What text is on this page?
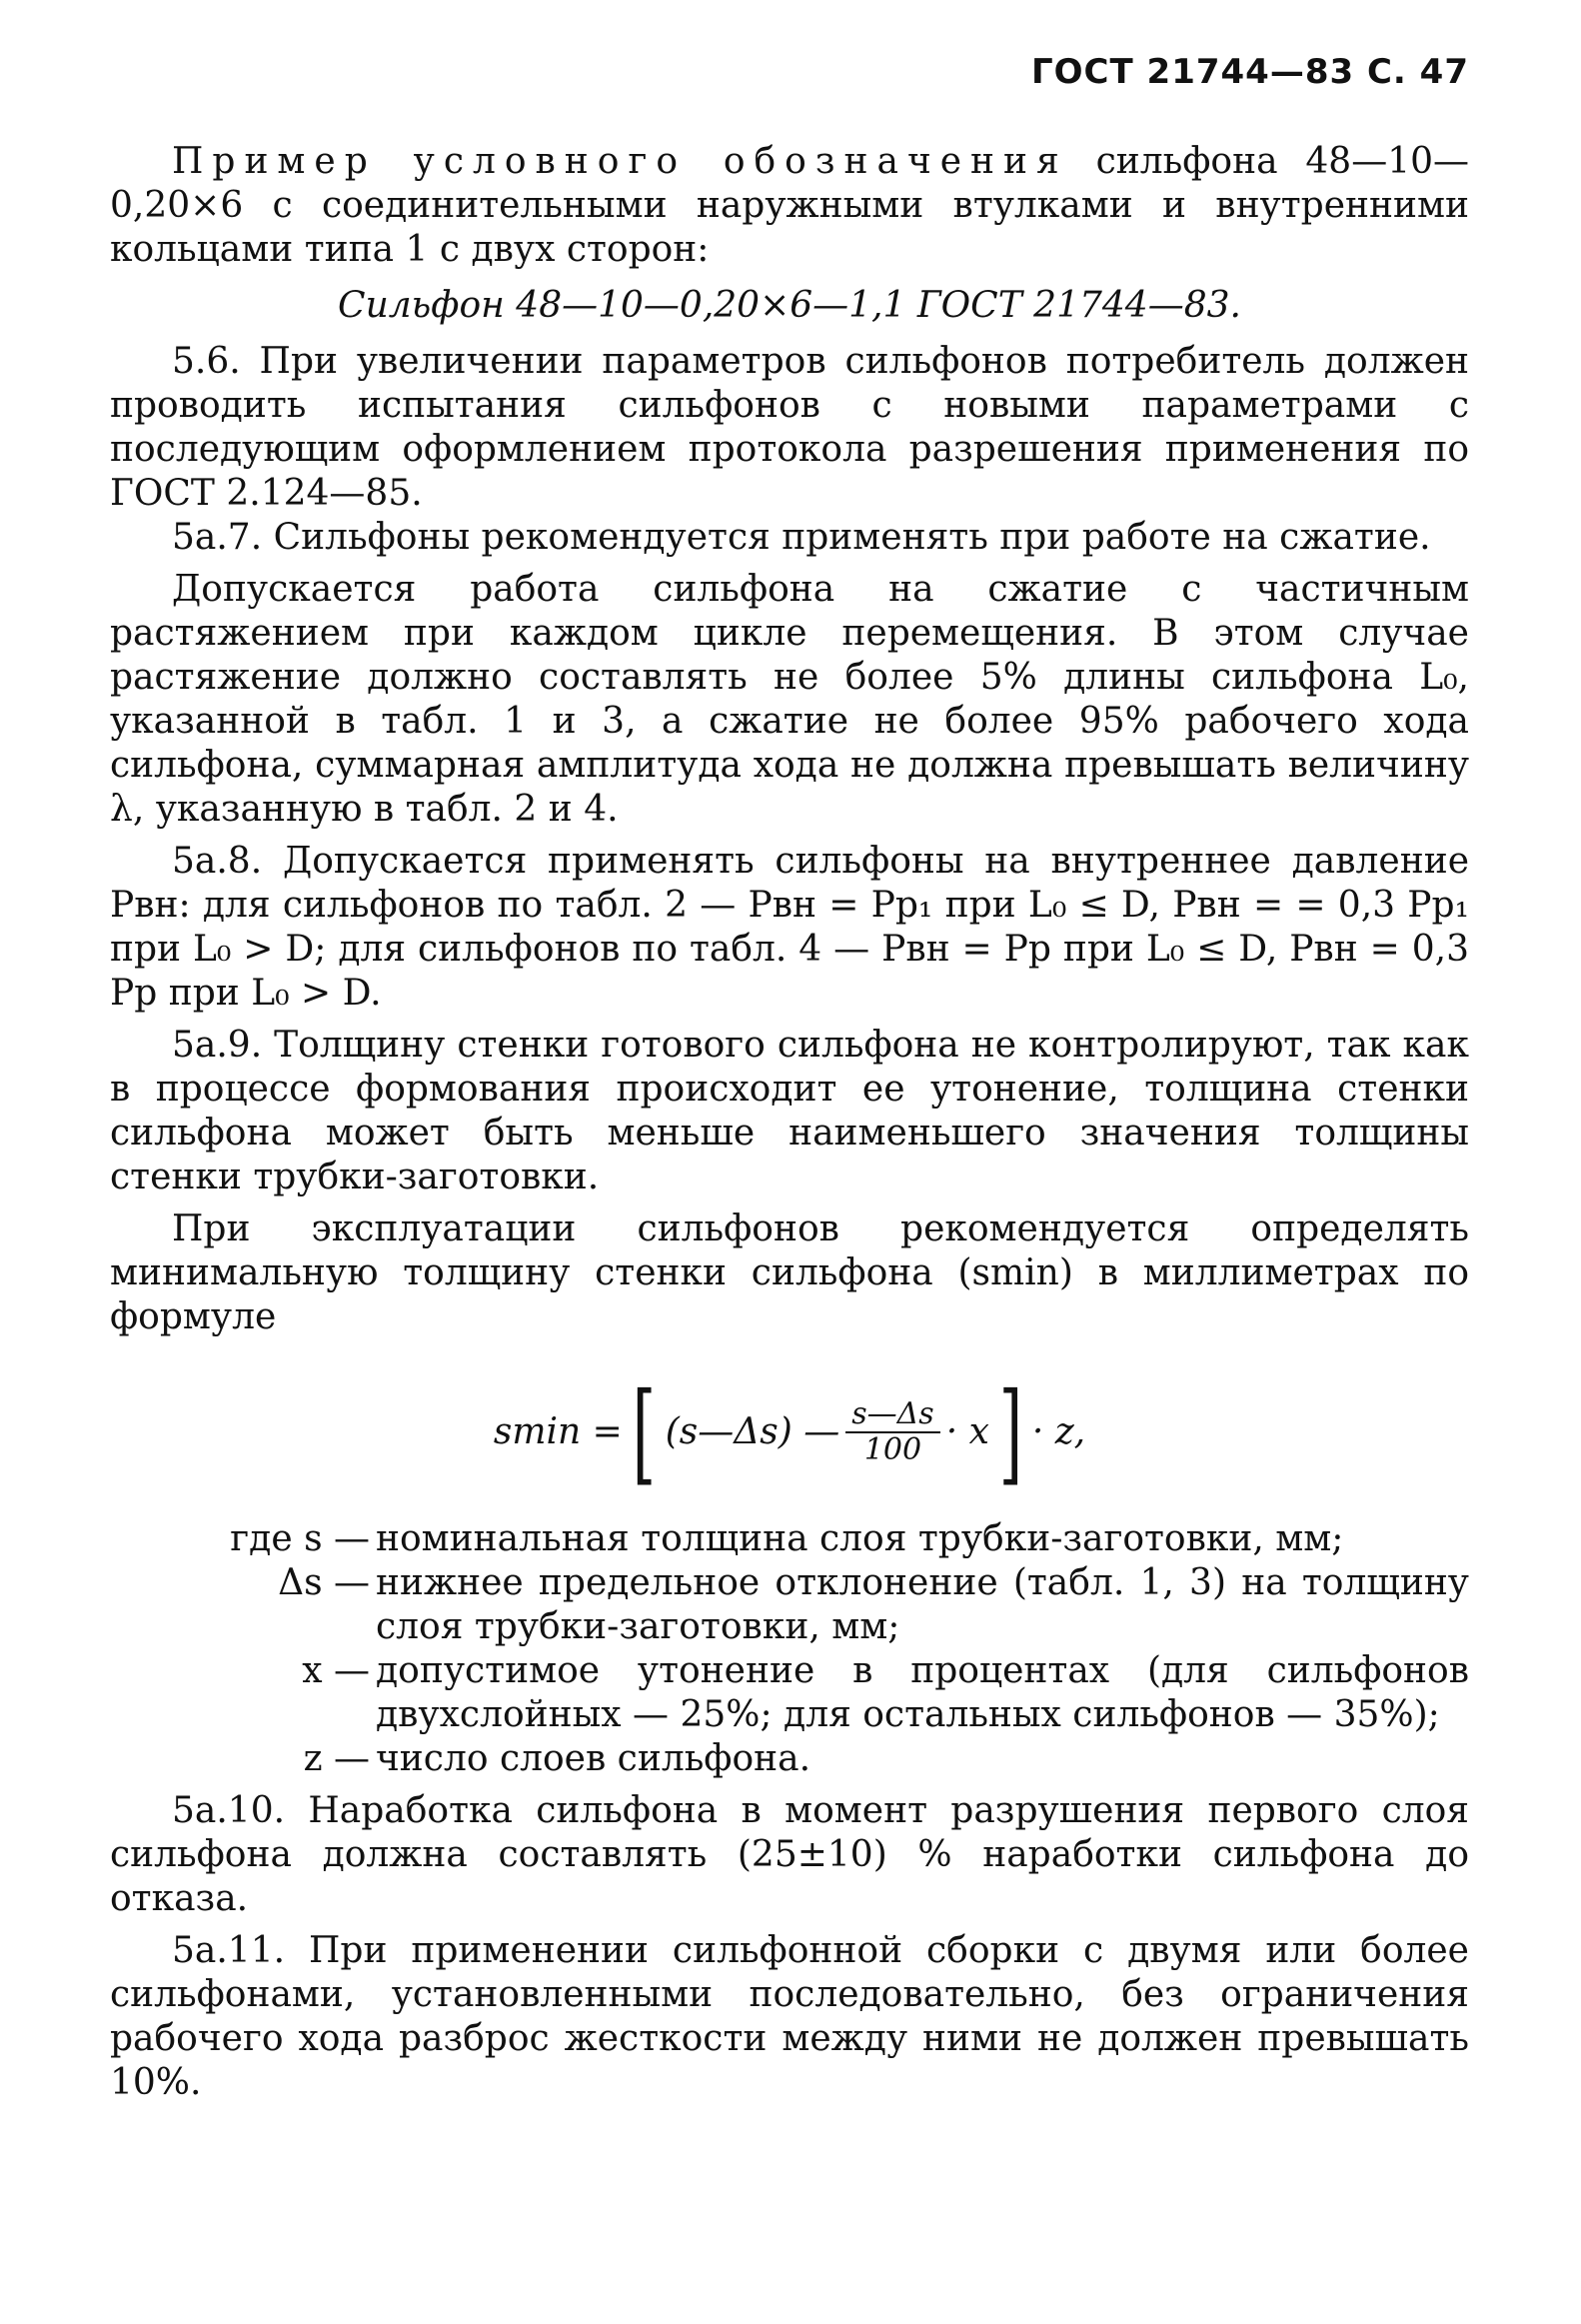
ГОСТ 21744—83 С. 47

Пример условного обозначения сильфона 48—10—0,20×6 с соединительными наружными втулками и внутренними кольцами типа 1 с двух сторон:

Сильфон 48—10—0,20×6—1,1 ГОСТ 21744—83.

5.6. При увеличении параметров сильфонов потребитель должен проводить испытания сильфонов с новыми параметрами с последующим оформлением протокола разрешения применения по ГОСТ 2.124—85.

5а.7. Сильфоны рекомендуется применять при работе на сжатие.

Допускается работа сильфона на сжатие с частичным растяжением при каждом цикле перемещения. В этом случае растяжение должно составлять не более 5% длины сильфона L₀, указанной в табл. 1 и 3, а сжатие не более 95% рабочего хода сильфона, суммарная амплитуда хода не должна превышать величину λ, указанную в табл. 2 и 4.

5а.8. Допускается применять сильфоны на внутреннее давление Pвн: для сильфонов по табл. 2 — Pвн = Pp₁ при L₀ ≤ D, Pвн = = 0,3 Pp₁ при L₀ > D; для сильфонов по табл. 4 — Pвн = Pp при L₀ ≤ D, Pвн = 0,3 Pp при L₀ > D.

5а.9. Толщину стенки готового сильфона не контролируют, так как в процессе формования происходит ее утонение, толщина стенки сильфона может быть меньше наименьшего значения толщины стенки трубки-заготовки.

При эксплуатации сильфонов рекомендуется определять минимальную толщину стенки сильфона (smin) в миллиметрах по формуле

smin = [ (s—Δs) — $\frac{s—\Delta s}{100} \cdot x$ ] · z,
где s — номинальная толщина слоя трубки-заготовки, мм;
Δs — нижнее предельное отклонение (табл. 1, 3) на толщину слоя трубки-заготовки, мм;
x — допустимое утонение в процентах (для сильфонов двухслойных — 25%; для остальных сильфонов — 35%);
z — число слоев сильфона.

5а.10. Наработка сильфона в момент разрушения первого слоя сильфона должна составлять (25±10) % наработки сильфона до отказа.

5а.11. При применении сильфонной сборки с двумя или более сильфонами, установленными последовательно, без ограничения рабочего хода разброс жесткости между ними не должен превышать 10%.
